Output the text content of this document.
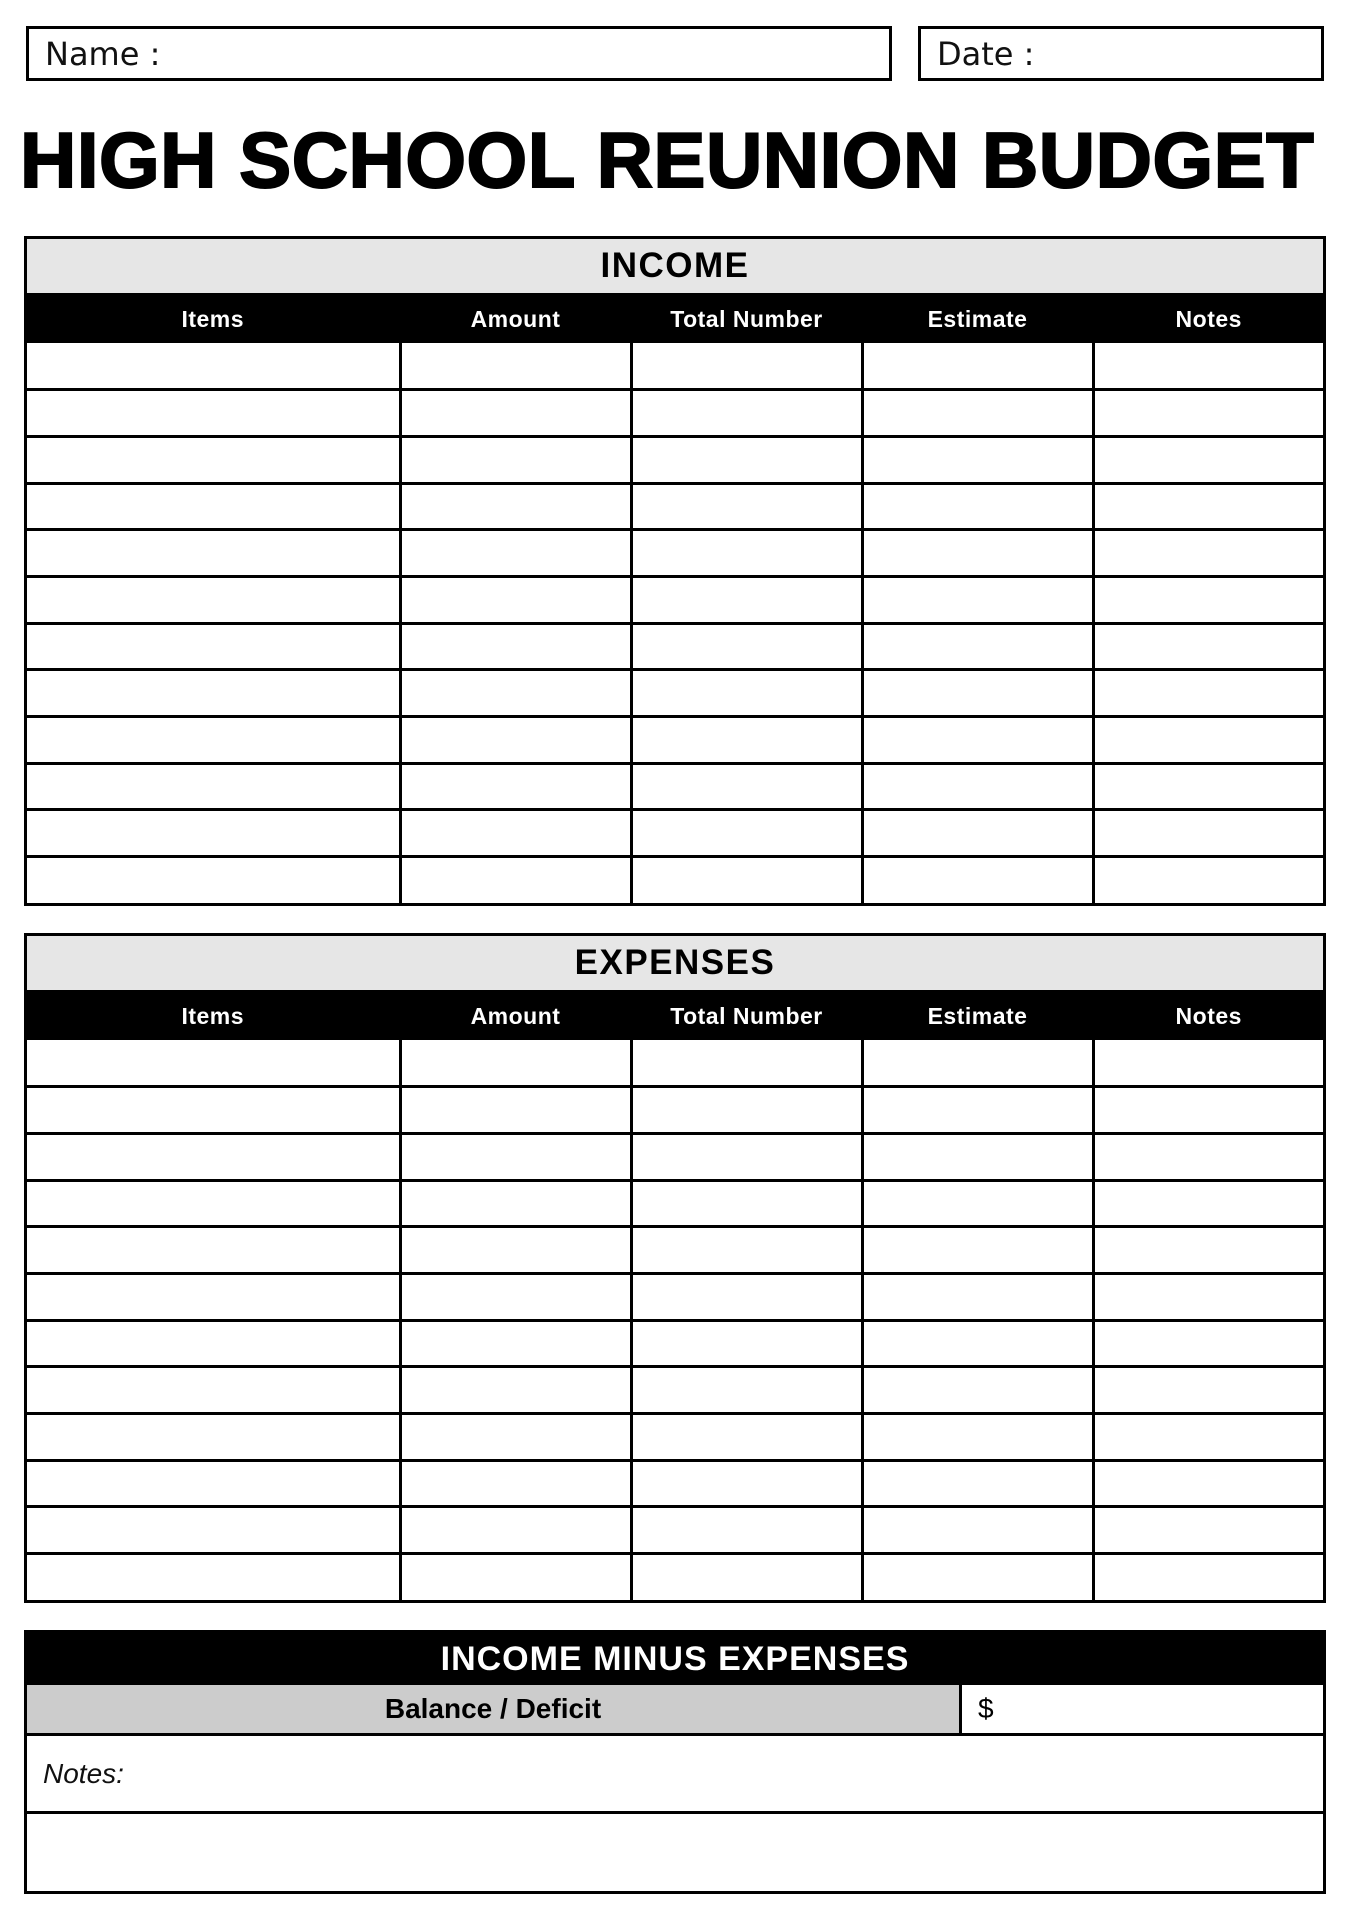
Name :	Date :
HIGH SCHOOL REUNION BUDGET
INCOME
Items	Amount	Total Number	Estimate	Notes

EXPENSES
Items	Amount	Total Number	Estimate	Notes

INCOME MINUS EXPENSES
Balance / Deficit	$
Notes:
